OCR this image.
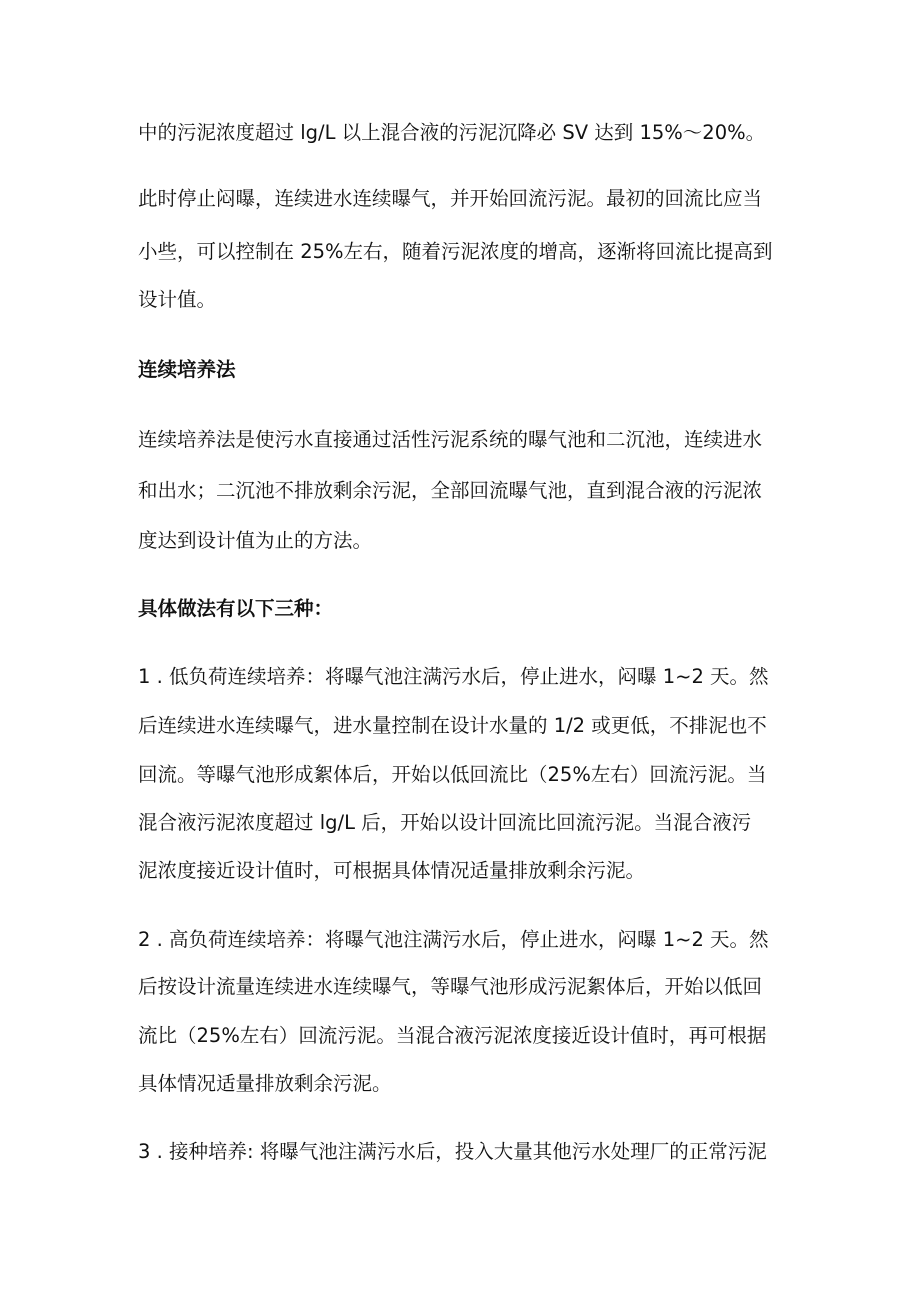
中的污泥浓度超过 lg/L 以上混合液的污泥沉降必 SV 达到 15%～20%。
此时停止闷曝，连续进水连续曝气，并开始回流污泥。最初的回流比应当
小些，可以控制在 25%左右，随着污泥浓度的增高，逐渐将回流比提高到
设计值。
连续培养法
连续培养法是使污水直接通过活性污泥系统的曝气池和二沉池，连续进水
和出水；二沉池不排放剩余污泥，全部回流曝气池，直到混合液的污泥浓
度达到设计值为止的方法。
具体做法有以下三种：
1 . 低负荷连续培养：将曝气池注满污水后，停止进水，闷曝 1~2 天。然
后连续进水连续曝气，进水量控制在设计水量的 1/2 或更低，不排泥也不
回流。等曝气池形成絮体后，开始以低回流比（25%左右）回流污泥。当
混合液污泥浓度超过 lg/L 后，开始以设计回流比回流污泥。当混合液污
泥浓度接近设计值时，可根据具体情况适量排放剩余污泥。
2 . 高负荷连续培养：将曝气池注满污水后，停止进水，闷曝 1~2 天。然
后按设计流量连续进水连续曝气，等曝气池形成污泥絮体后，开始以低回
流比（25%左右）回流污泥。当混合液污泥浓度接近设计值时，再可根据
具体情况适量排放剩余污泥。
3 . 接种培养: 将曝气池注满污水后，投入大量其他污水处理厂的正常污泥
